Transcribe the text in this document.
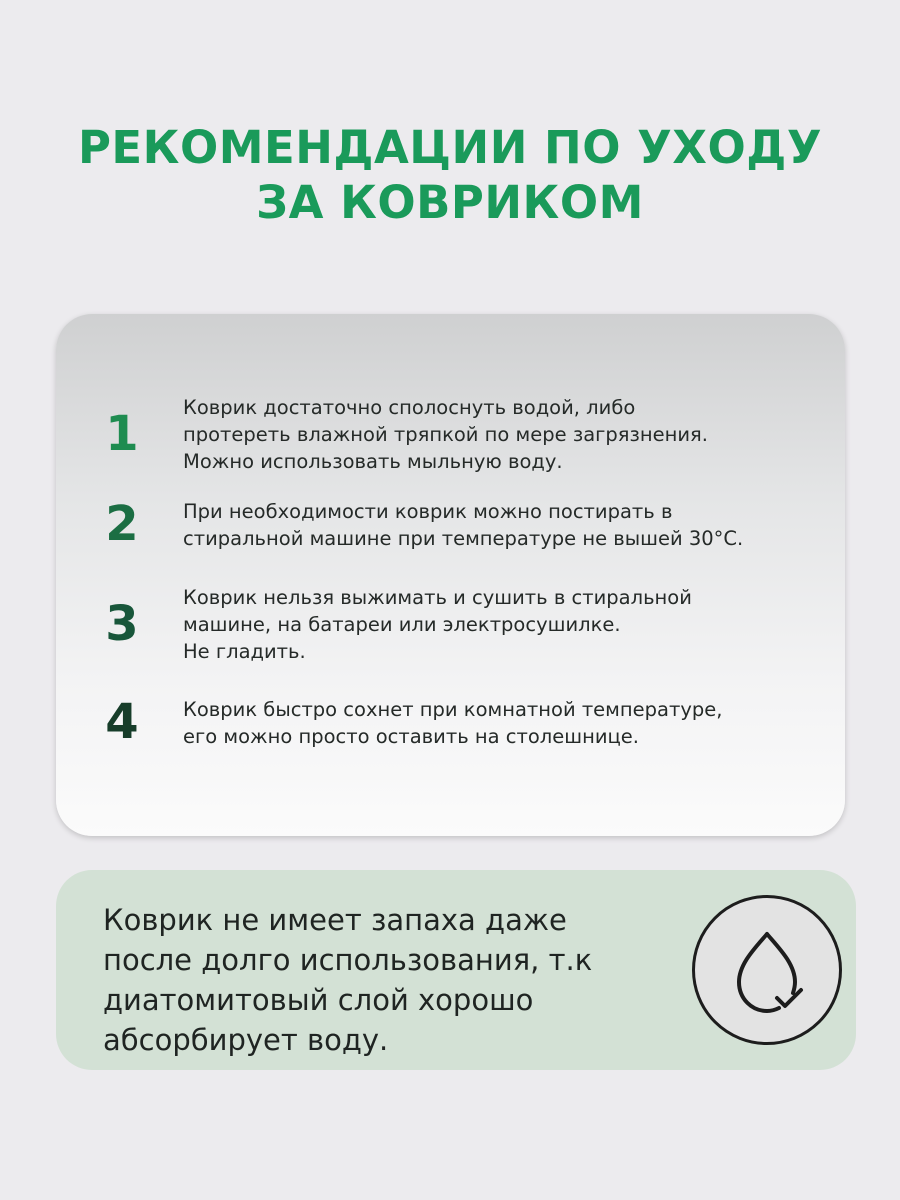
РЕКОМЕНДАЦИИ ПО УХОДУ
ЗА КОВРИКОМ
1	Коврик достаточно сполоснуть водой, либо
протереть влажной тряпкой по мере загрязнения.
Можно использовать мыльную воду.
2	При необходимости коврик можно постирать в
стиральной машине при температуре не вышей 30°С.
3	Коврик нельзя выжимать и сушить в стиральной
машине, на батареи или электросушилке.
Не гладить.
4	Коврик быстро сохнет при комнатной температуре,
его можно просто оставить на столешнице.
Коврик не имеет запаха даже
после долго использования, т.к
диатомитовый слой хорошо
абсорбирует воду.
